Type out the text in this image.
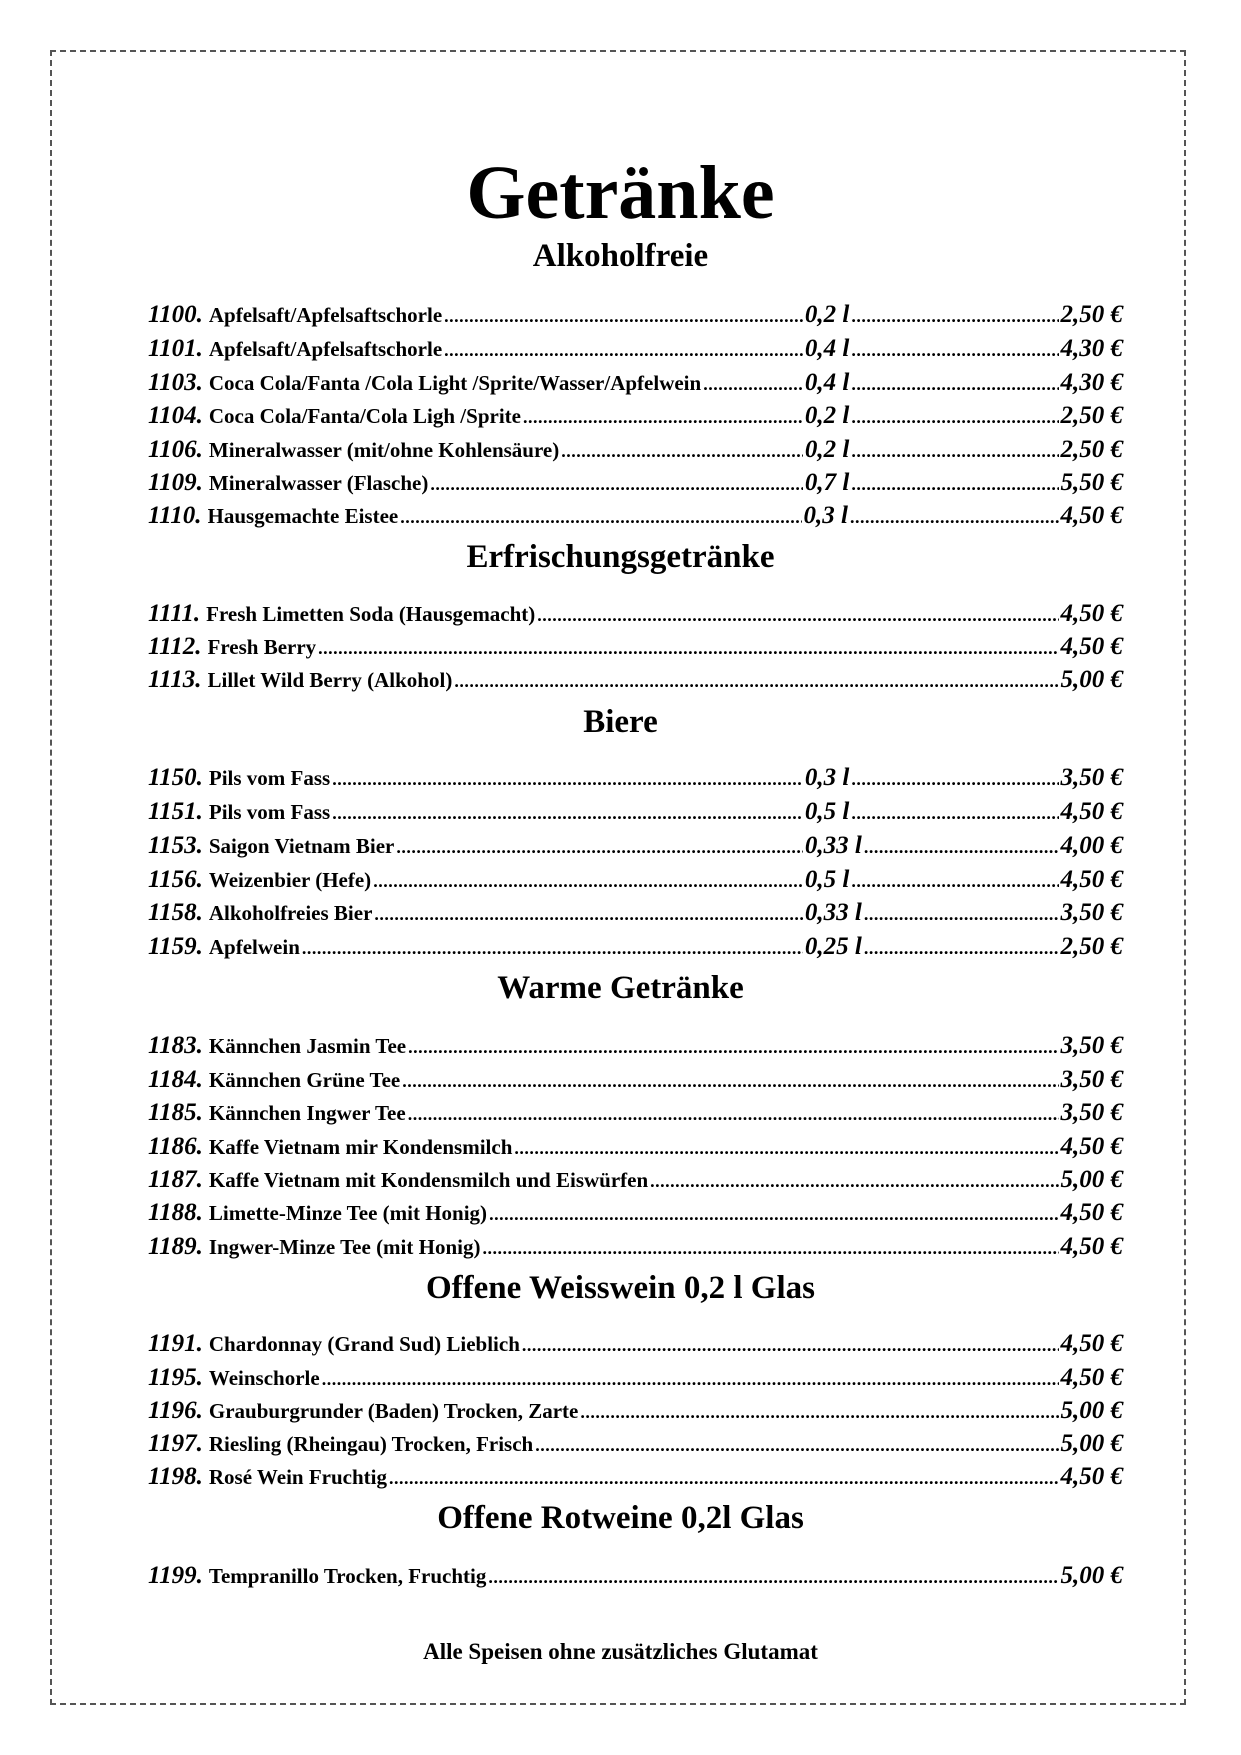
Getränke
Alkoholfreie
1100. Apfelsaft/Apfelsaftschorle .....	0,2 l .....	2,50 €
1101. Apfelsaft/Apfelsaftschorle .....	0,4 l .....	4,30 €
1103. Coca Cola/Fanta /Cola Light /Sprite/Wasser/Apfelwein .....	0,4 l .....	4,30 €
1104. Coca Cola/Fanta/Cola Ligh /Sprite .....	0,2 l .....	2,50 €
1106. Mineralwasser (mit/ohne Kohlensäure) .....	0,2 l .....	2,50 €
1109. Mineralwasser (Flasche) .....	0,7 l .....	5,50 €
1110. Hausgemachte Eistee .....	0,3 l .....	4,50 €
Erfrischungsgetränke
1111. Fresh Limetten Soda (Hausgemacht) .....	4,50 €
1112. Fresh Berry .....	4,50 €
1113. Lillet Wild Berry (Alkohol) .....	5,00 €
Biere
1150. Pils vom Fass .....	0,3 l .....	3,50 €
1151. Pils vom Fass .....	0,5 l .....	4,50 €
1153. Saigon Vietnam Bier .....	0,33 l .....	4,00 €
1156. Weizenbier (Hefe) .....	0,5 l .....	4,50 €
1158. Alkoholfreies Bier .....	0,33 l .....	3,50 €
1159. Apfelwein .....	0,25 l .....	2,50 €
Warme Getränke
1183. Kännchen Jasmin Tee .....	3,50 €
1184. Kännchen Grüne Tee .....	3,50 €
1185. Kännchen Ingwer Tee .....	3,50 €
1186. Kaffe Vietnam mir Kondensmilch .....	4,50 €
1187. Kaffe Vietnam mit Kondensmilch und Eiswürfen .....	5,00 €
1188. Limette-Minze Tee (mit Honig) .....	4,50 €
1189. Ingwer-Minze Tee (mit Honig) .....	4,50 €
Offene Weisswein 0,2 l Glas
1191. Chardonnay (Grand Sud) Lieblich .....	4,50 €
1195. Weinschorle .....	4,50 €
1196. Grauburgrunder (Baden) Trocken, Zarte .....	5,00 €
1197. Riesling (Rheingau) Trocken, Frisch .....	5,00 €
1198. Rosé Wein Fruchtig .....	4,50 €
Offene Rotweine 0,2l Glas
1199. Tempranillo Trocken, Fruchtig .....	5,00 €
Alle Speisen ohne zusätzliches Glutamat
